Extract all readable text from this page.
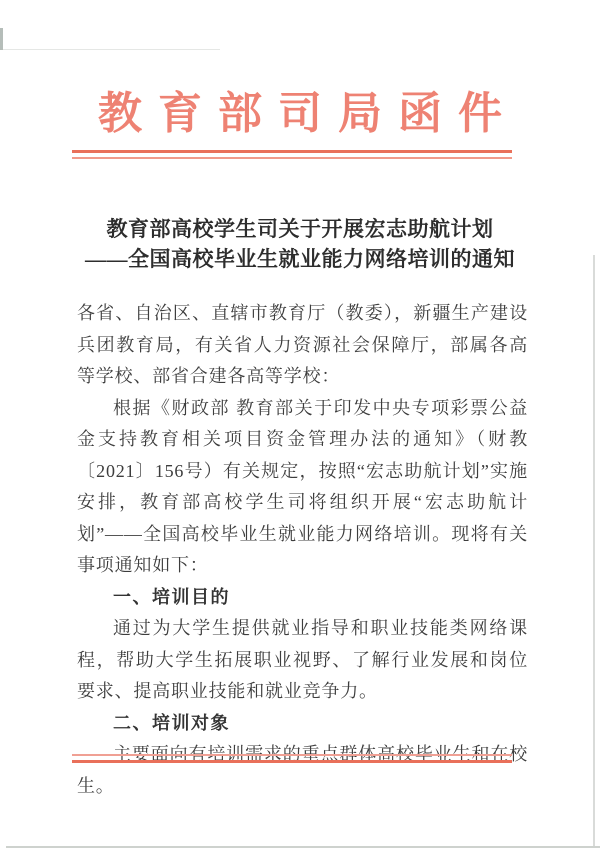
教育部司局函件
教育部高校学生司关于开展宏志助航计划
——全国高校毕业生就业能力网络培训的通知

各省、自治区、直辖市教育厅（教委），新疆生产建设兵团教育局，有关省人力资源社会保障厅，部属各高等学校、部省合建各高等学校：

根据《财政部 教育部关于印发中央专项彩票公益金支持教育相关项目资金管理办法的通知》（财教〔2021〕156号）有关规定，按照“宏志助航计划”实施安排，教育部高校学生司将组织开展“宏志助航计划”——全国高校毕业生就业能力网络培训。现将有关事项通知如下：

一、培训目的

通过为大学生提供就业指导和职业技能类网络课程，帮助大学生拓展职业视野、了解行业发展和岗位要求、提高职业技能和就业竞争力。

二、培训对象

主要面向有培训需求的重点群体高校毕业生和在校生。
